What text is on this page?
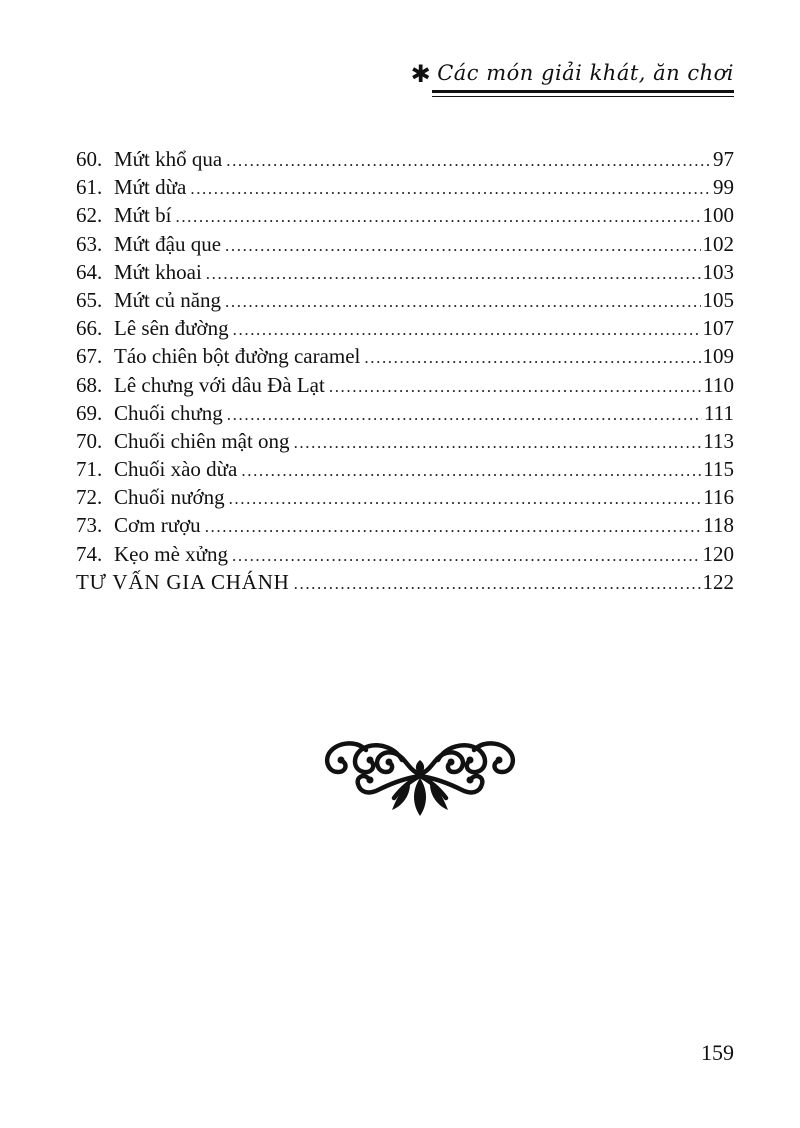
✱ Các món giải khát, ăn chơi
60. Mứt khổ qua .....	97
61. Mứt dừa .....	99
62. Mứt bí .....	100
63. Mứt đậu que .....	102
64. Mứt khoai .....	103
65. Mứt củ năng .....	105
66. Lê sên đường .....	107
67. Táo chiên bột đường caramel .....	109
68. Lê chưng với dâu Đà Lạt .....	110
69. Chuối chưng .....	111
70. Chuối chiên mật ong .....	113
71. Chuối xào dừa .....	115
72. Chuối nướng .....	116
73. Cơm rượu .....	118
74. Kẹo mè xửng .....	120
TƯ VẤN GIA CHÁNH .....	122
159
